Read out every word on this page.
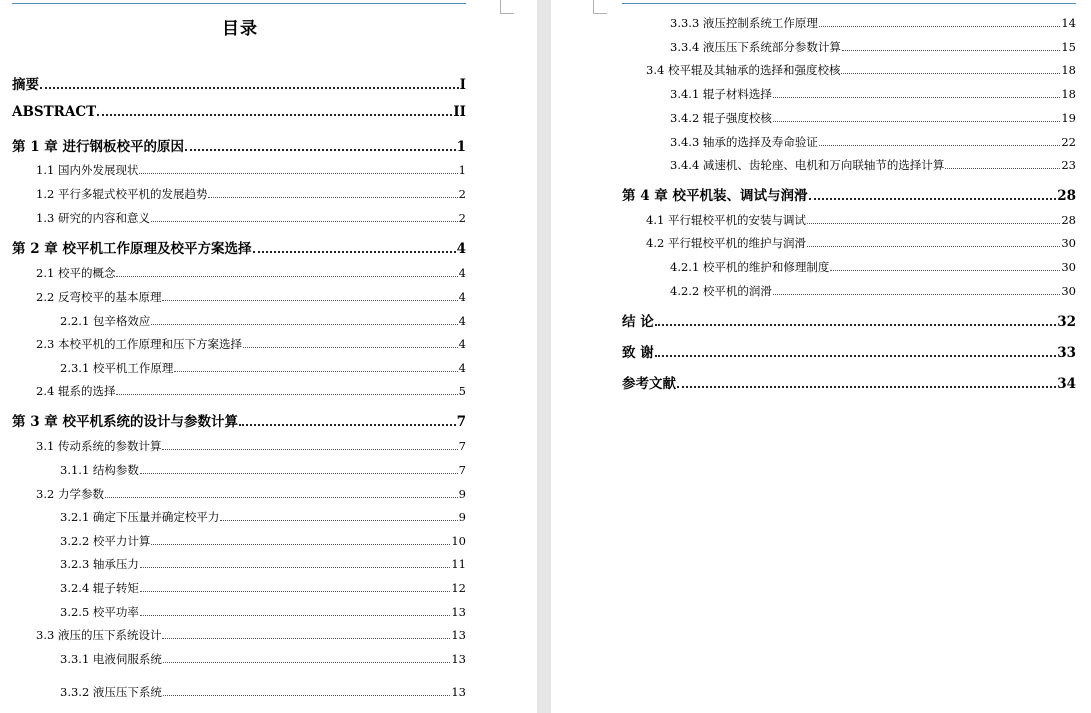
目录
摘要	I
ABSTRACT	II
第 1 章 进行钢板校平的原因	1
1.1 国内外发展现状	1
1.2 平行多辊式校平机的发展趋势	2
1.3 研究的内容和意义	2
第 2 章 校平机工作原理及校平方案选择	4
2.1 校平的概念	4
2.2 反弯校平的基本原理	4
2.2.1 包辛格效应	4
2.3 本校平机的工作原理和压下方案选择	4
2.3.1 校平机工作原理	4
2.4 辊系的选择	5
第 3 章 校平机系统的设计与参数计算	7
3.1 传动系统的参数计算	7
3.1.1 结构参数	7
3.2 力学参数	9
3.2.1 确定下压量并确定校平力	9
3.2.2 校平力计算	10
3.2.3 轴承压力	11
3.2.4 辊子转矩	12
3.2.5 校平功率	13
3.3 液压的压下系统设计	13
3.3.1 电液伺服系统	13
3.3.2 液压压下系统	13
3.3.3 液压控制系统工作原理	14
3.3.4 液压压下系统部分参数计算	15
3.4 校平辊及其轴承的选择和强度校核	18
3.4.1 辊子材料选择	18
3.4.2 辊子强度校核	19
3.4.3 轴承的选择及寿命验证	22
3.4.4 减速机、齿轮座、电机和万向联轴节的选择计算	23
第 4 章 校平机装、调试与润滑	28
4.1 平行辊校平机的安装与调试	28
4.2 平行辊校平机的维护与润滑	30
4.2.1 校平机的维护和修理制度	30
4.2.2 校平机的润滑	30
结 论	32
致 谢	33
参考文献	34
